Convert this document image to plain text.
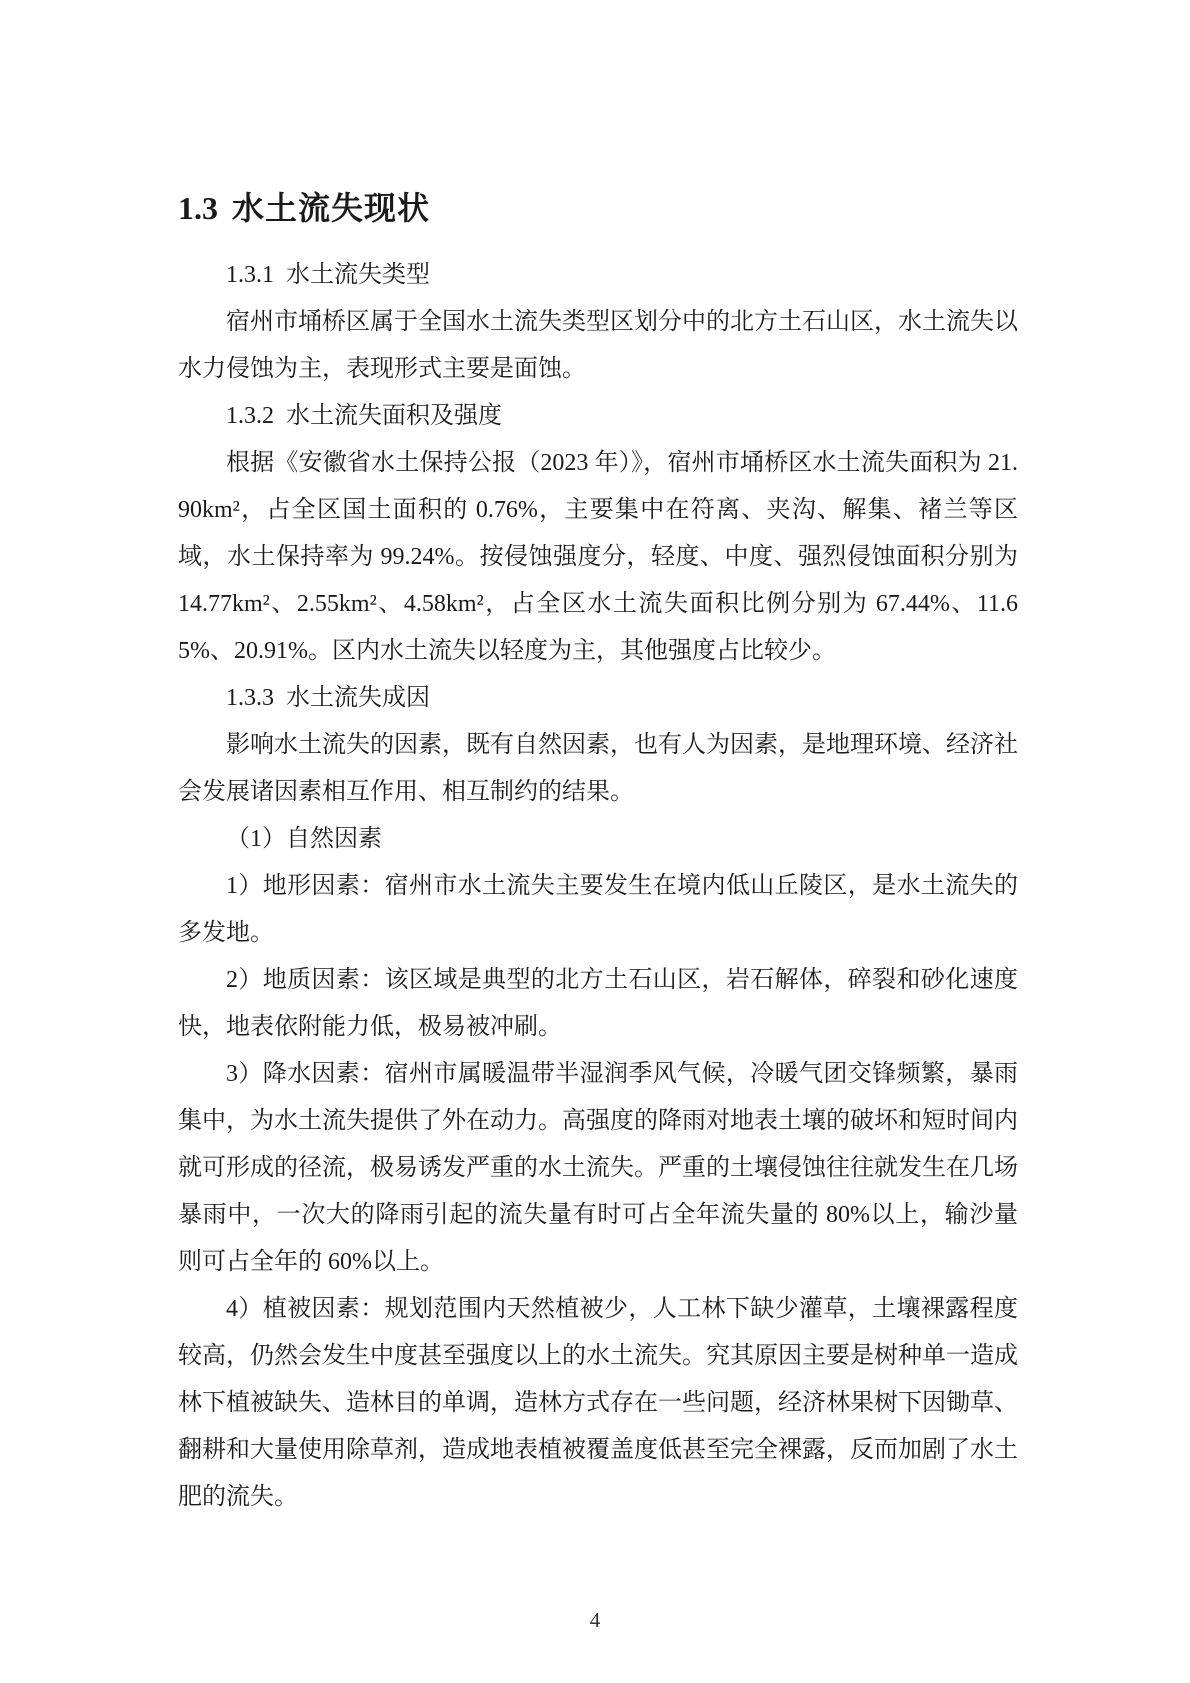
1.3 水土流失现状

1.3.1  水土流失类型

宿州市埇桥区属于全国水土流失类型区划分中的北方土石山区，水土流失以水力侵蚀为主，表现形式主要是面蚀。

1.3.2  水土流失面积及强度

根据《安徽省水土保持公报（2023 年）》，宿州市埇桥区水土流失面积为 21.90km²，占全区国土面积的 0.76%，主要集中在符离、夹沟、解集、褚兰等区域，水土保持率为 99.24%。按侵蚀强度分，轻度、中度、强烈侵蚀面积分别为 14.77km²、2.55km²、4.58km²，占全区水土流失面积比例分别为 67.44%、11.65%、20.91%。区内水土流失以轻度为主，其他强度占比较少。

1.3.3  水土流失成因

影响水土流失的因素，既有自然因素，也有人为因素，是地理环境、经济社会发展诸因素相互作用、相互制约的结果。

（1）自然因素

1）地形因素：宿州市水土流失主要发生在境内低山丘陵区，是水土流失的多发地。

2）地质因素：该区域是典型的北方土石山区，岩石解体，碎裂和砂化速度快，地表依附能力低，极易被冲刷。

3）降水因素：宿州市属暖温带半湿润季风气候，冷暖气团交锋频繁，暴雨集中，为水土流失提供了外在动力。高强度的降雨对地表土壤的破坏和短时间内就可形成的径流，极易诱发严重的水土流失。严重的土壤侵蚀往往就发生在几场暴雨中，一次大的降雨引起的流失量有时可占全年流失量的 80%以上，输沙量则可占全年的 60%以上。

4）植被因素：规划范围内天然植被少，人工林下缺少灌草，土壤裸露程度较高，仍然会发生中度甚至强度以上的水土流失。究其原因主要是树种单一造成林下植被缺失、造林目的单调，造林方式存在一些问题，经济林果树下因锄草、翻耕和大量使用除草剂，造成地表植被覆盖度低甚至完全裸露，反而加剧了水土肥的流失。

4
